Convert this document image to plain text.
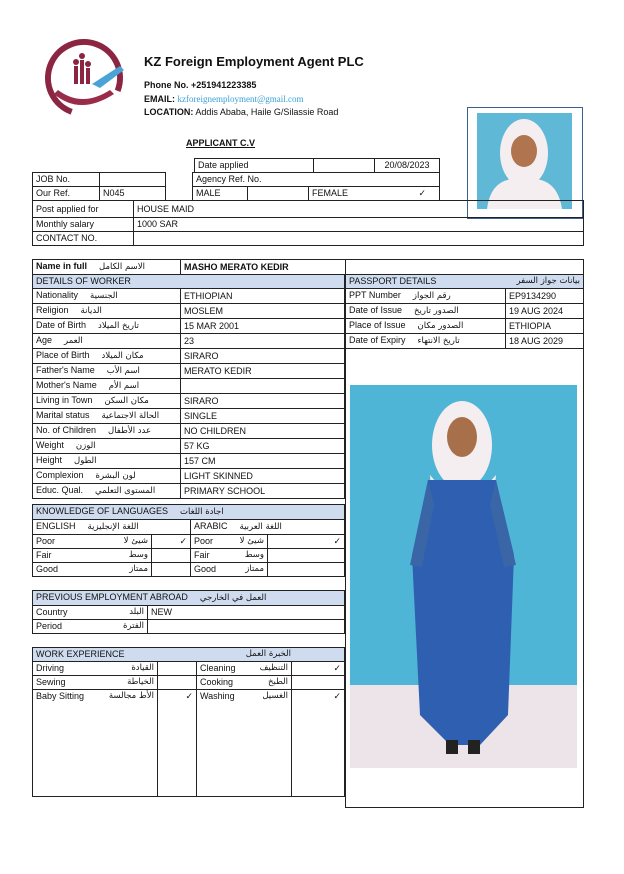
KZ Foreign Employment Agent PLC
Phone No. +251941223385
EMAIL: kzforeignemployment@gmail.com
LOCATION: Addis Ababa, Haile G/Silassie Road
APPLICANT C.V
Date applied		20/08/2023
JOB No.			Agency Ref. No.		
Our Ref.	N045		MALE		FEMALE ✓
Post applied for	HOUSE MAID
Monthly salary	1000 SAR
CONTACT NO.	
Name in full الاسم الكامل	MASHO MERATO KEDIR	
DETAILS OF WORKER	
Nationality الجنسية	ETHIOPIAN
Religion الديانة	MOSLEM
Date of Birth تاريخ الميلاد	15 MAR 2001
Age العمر	23
Place of Birth مكان الميلاد	SIRARO
Father's Name اسم الأب	MERATO KEDIR
Mother's Name اسم الأم	
Living in Town مكان السكن	SIRARO
Marital status الحالة الاجتماعية	SINGLE
No. of Children عدد الأطفال	NO CHILDREN
Weight الوزن	57 KG
Height الطول	157 CM
Complexion لون البشرة	LIGHT SKINNED
Educ. Qual. المستوى التعلمي	PRIMARY SCHOOL
PASSPORT DETAILS بيانات جواز السفر	

PPT Number رقم الجواز	EP9134290
Date of Issue الصدور تاريخ	19 AUG 2024
Place of Issue الصدور مكان	ETHIOPIA
Date of Expiry تاريخ الانتهاء	18 AUG 2029
KNOWLEDGE OF LANGUAGES اجادة اللغات			
ENGLISH اللغة الإنجليزية		ARABIC اللغة العربية	
Poor شيئ لا	✓	Poor شيئ لا	✓
Fair وسط		Fair وسط	

Good ممتاز		Good ممتاز	

PREVIOUS EMPLOYMENT ABROAD العمل في الخارجي	
Country البلد	NEW
Period الفترة	

WORK EXPERIENCE الخبرة العمل			

Driving القيادة		Cleaning التنظيف	✓
Sewing الخياطة		Cooking الطبخ	

Baby Sitting الأط مجالسة	✓	Washing الغسيل	✓
